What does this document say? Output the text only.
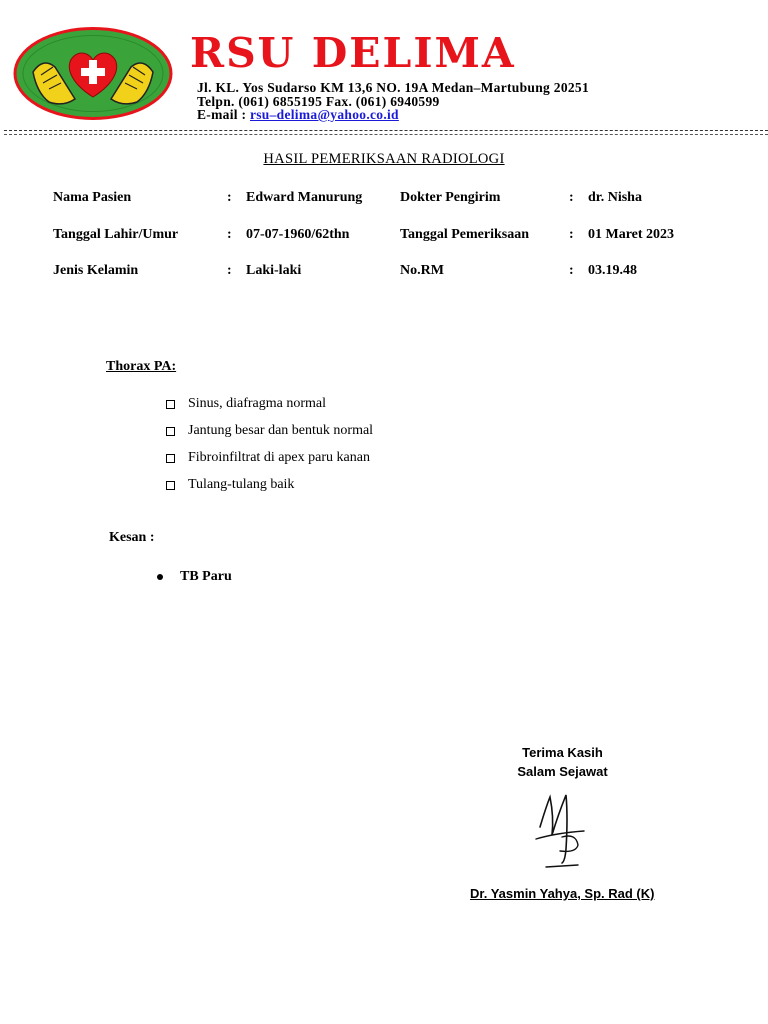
RSU DELIMA
Jl. KL. Yos Sudarso KM 13,6 NO. 19A Medan–Martubung 20251
Telpn. (061) 6855195 Fax. (061) 6940599
E-mail : rsu–delima@yahoo.co.id
HASIL PEMERIKSAAN RADIOLOGI
Nama Pasien	: Edward Manurung
Tanggal Lahir/Umur	: 07-07-1960/62thn
Jenis Kelamin	: Laki-laki
Dokter Pengirim	: dr. Nisha
Tanggal Pemeriksaan	: 01 Maret 2023
No.RM	: 03.19.48
Thorax PA:
Sinus, diafragma normal
Jantung besar dan bentuk normal
Fibroinfiltrat di apex paru kanan
Tulang-tulang baik
Kesan :
TB Paru
Terima Kasih
Salam Sejawat
Dr. Yasmin Yahya, Sp. Rad (K)
